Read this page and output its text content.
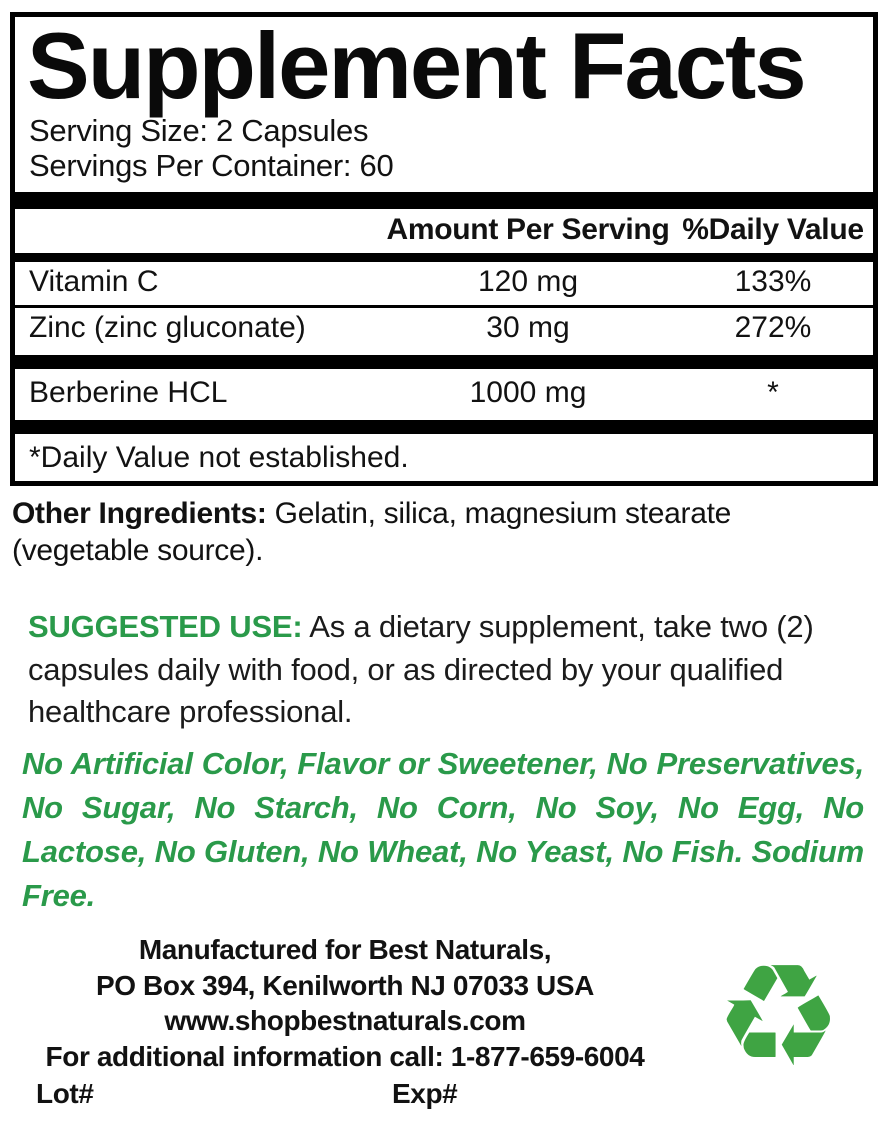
Supplement Facts
Serving Size: 2 Capsules
Servings Per Container: 60
Amount Per Serving %Daily Value
Vitamin C	120 mg	133%
Zinc (zinc gluconate)	30 mg	272%
Berberine HCL	1000 mg	*
*Daily Value not established.
Other Ingredients: Gelatin, silica, magnesium stearate (vegetable source).
SUGGESTED USE: As a dietary supplement, take two (2) capsules daily with food, or as directed by your qualified healthcare professional.
No Artificial Color, Flavor or Sweetener, No Preservatives, No Sugar, No Starch, No Corn, No Soy, No Egg, No Lactose, No Gluten, No Wheat, No Yeast, No Fish. Sodium Free.
Manufactured for Best Naturals,
PO Box 394, Kenilworth NJ 07033 USA
www.shopbestnaturals.com
For additional information call: 1-877-659-6004
Lot#	Exp# ♻
